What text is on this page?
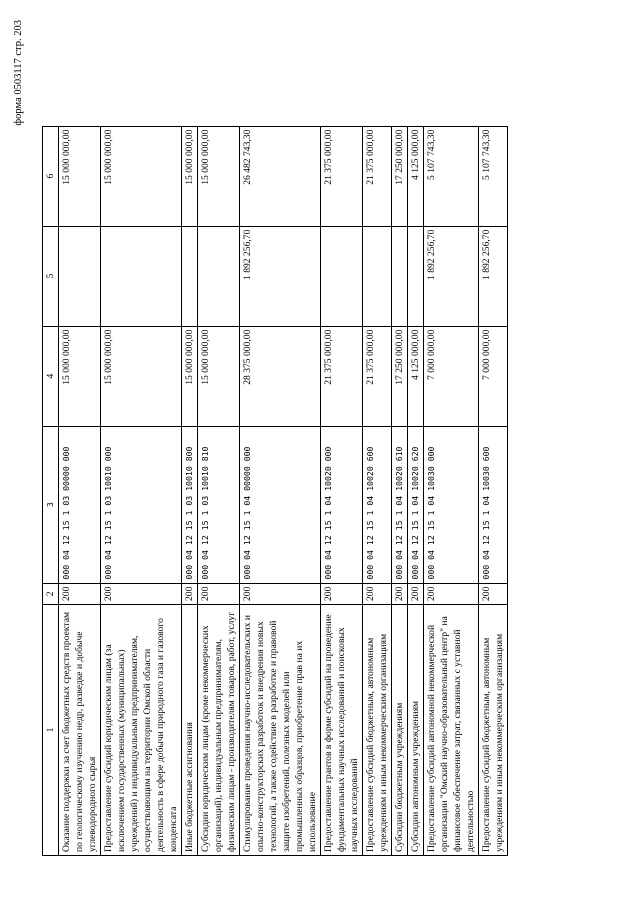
форма 0503117 стр. 203
1	2	3	4	5	6
Оказание поддержки за счет бюджетных средств проектам по геологическому изучению недр, разведке и добыче углеводородного сырья	200	000 04 12 15 1 03 00000 000	15 000 000,00		15 000 000,00
Предоставление субсидий юридическим лицам (за исключением государственных (муниципальных) учреждений) и индивидуальным предпринимателям, осуществляющим на территории Омской области деятельность в сфере добычи природного газа и газового конденсата	200	000 04 12 15 1 03 10010 000	15 000 000,00		15 000 000,00
Иные бюджетные ассигнования	200	000 04 12 15 1 03 10010 800	15 000 000,00		15 000 000,00
Субсидии юридическим лицам (кроме некоммерческих организаций), индивидуальным предпринимателям, физическим лицам - производителям товаров, работ, услуг	200	000 04 12 15 1 03 10010 810	15 000 000,00		15 000 000,00
Стимулирование проведения научно-исследовательских и опытно-конструкторских разработок и внедрения новых технологий, а также содействие в разработке и правовой защите изобретений, полезных моделей или промышленных образцов, приобретение прав на их использование	200	000 04 12 15 1 04 00000 000	28 375 000,00	1 892 256,70	26 482 743,30
Предоставление грантов в форме субсидий на проведение фундаментальных научных исследований и поисковых научных исследований	200	000 04 12 15 1 04 10020 000	21 375 000,00		21 375 000,00
Предоставление субсидий бюджетным, автономным учреждениям и иным некоммерческим организациям	200	000 04 12 15 1 04 10020 600	21 375 000,00		21 375 000,00
Субсидии бюджетным учреждениям	200	000 04 12 15 1 04 10020 610	17 250 000,00		17 250 000,00
Субсидии автономным учреждениям	200	000 04 12 15 1 04 10020 620	4 125 000,00		4 125 000,00
Предоставление субсидий автономной некоммерческой организации "Омский научно-образовательный центр" на финансовое обеспечение затрат, связанных с уставной деятельностью	200	000 04 12 15 1 04 10030 000	7 000 000,00	1 892 256,70	5 107 743,30
Предоставление субсидий бюджетным, автономным учреждениям и иным некоммерческим организациям	200	000 04 12 15 1 04 10030 600	7 000 000,00	1 892 256,70	5 107 743,30
